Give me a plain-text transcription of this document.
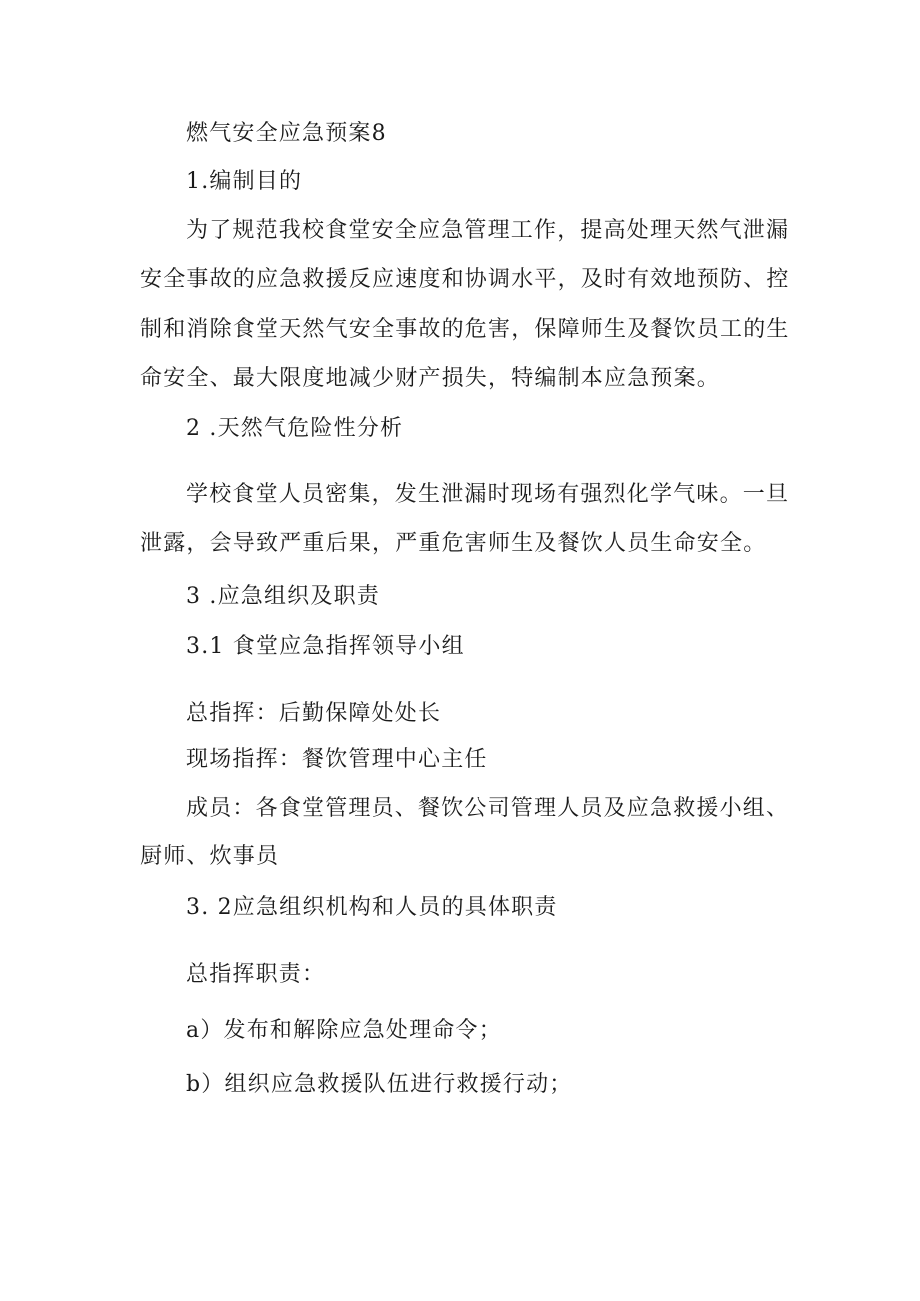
燃气安全应急预案8
1.编制目的
为了规范我校食堂安全应急管理工作，提高处理天然气泄漏
安全事故的应急救援反应速度和协调水平，及时有效地预防、控
制和消除食堂天然气安全事故的危害，保障师生及餐饮员工的生
命安全、最大限度地减少财产损失，特编制本应急预案。
2 .天然气危险性分析
学校食堂人员密集，发生泄漏时现场有强烈化学气味。一旦
泄露，会导致严重后果，严重危害师生及餐饮人员生命安全。
3 .应急组织及职责
3.1 食堂应急指挥领导小组
总指挥：后勤保障处处长
现场指挥：餐饮管理中心主任
成员：各食堂管理员、餐饮公司管理人员及应急救援小组、
厨师、炊事员
3. 2应急组织机构和人员的具体职责
总指挥职责：
a）发布和解除应急处理命令；
b）组织应急救援队伍进行救援行动；
